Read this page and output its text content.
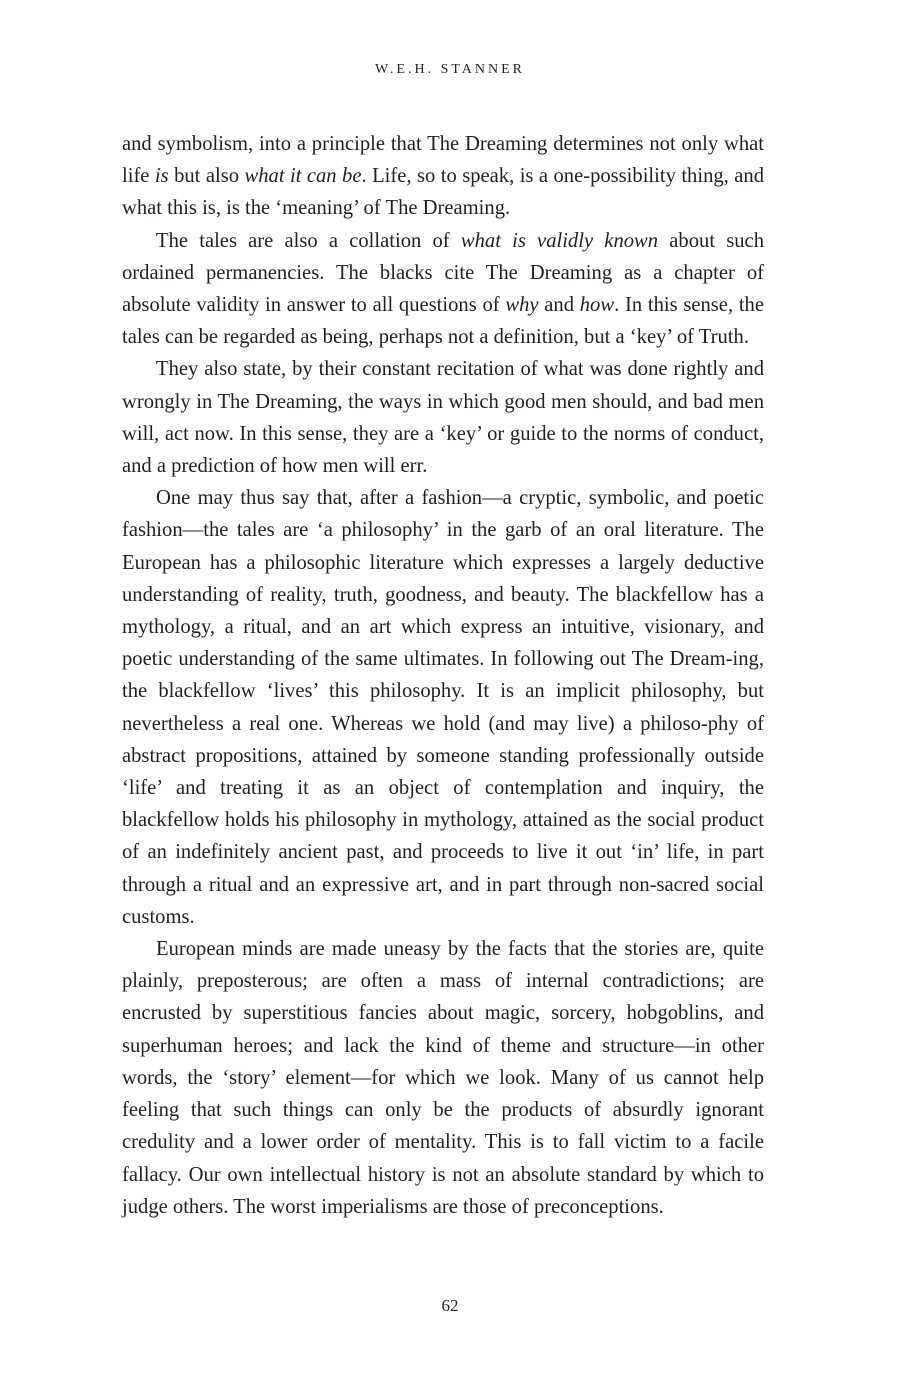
W.E.H. STANNER

and symbolism, into a principle that The Dreaming determines not only what life is but also what it can be. Life, so to speak, is a one-possibility thing, and what this is, is the ‘meaning’ of The Dreaming.

The tales are also a collation of what is validly known about such ordained permanencies. The blacks cite The Dreaming as a chapter of absolute validity in answer to all questions of why and how. In this sense, the tales can be regarded as being, perhaps not a definition, but a ‘key’ of Truth.

They also state, by their constant recitation of what was done rightly and wrongly in The Dreaming, the ways in which good men should, and bad men will, act now. In this sense, they are a ‘key’ or guide to the norms of conduct, and a prediction of how men will err.

One may thus say that, after a fashion—a cryptic, symbolic, and poetic fashion—the tales are ‘a philosophy’ in the garb of an oral literature. The European has a philosophic literature which expresses a largely deductive understanding of reality, truth, goodness, and beauty. The blackfellow has a mythology, a ritual, and an art which express an intuitive, visionary, and poetic understanding of the same ultimates. In following out The Dream-ing, the blackfellow ‘lives’ this philosophy. It is an implicit philosophy, but nevertheless a real one. Whereas we hold (and may live) a philoso-phy of abstract propositions, attained by someone standing professionally outside ‘life’ and treating it as an object of contemplation and inquiry, the blackfellow holds his philosophy in mythology, attained as the social product of an indefinitely ancient past, and proceeds to live it out ‘in’ life, in part through a ritual and an expressive art, and in part through non-sacred social customs.

European minds are made uneasy by the facts that the stories are, quite plainly, preposterous; are often a mass of internal contradictions; are encrusted by superstitious fancies about magic, sorcery, hobgoblins, and superhuman heroes; and lack the kind of theme and structure—in other words, the ‘story’ element—for which we look. Many of us cannot help feeling that such things can only be the products of absurdly ignorant credulity and a lower order of mentality. This is to fall victim to a facile fallacy. Our own intellectual history is not an absolute standard by which to judge others. The worst imperialisms are those of preconceptions.

62
